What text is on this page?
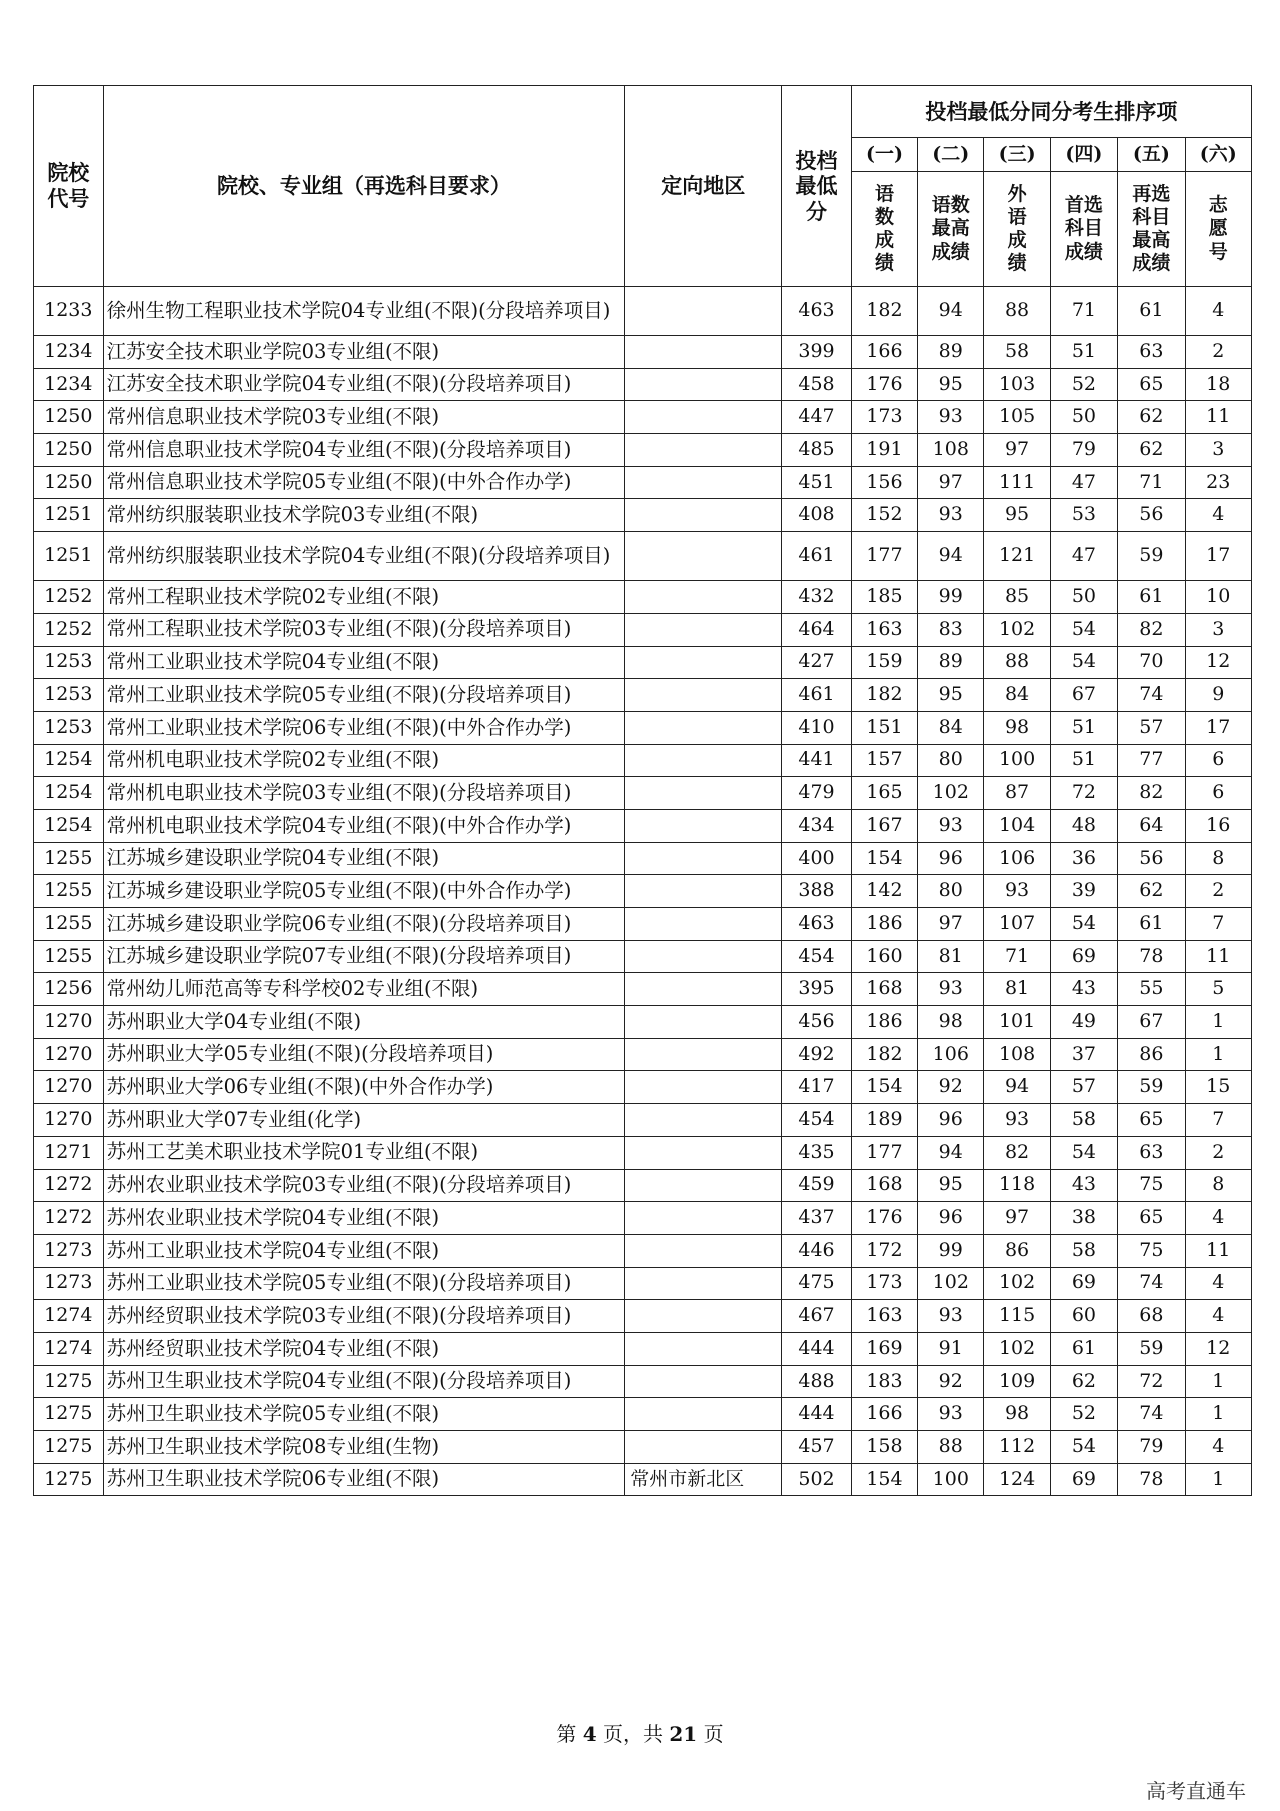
院校代号	院校、专业组（再选科目要求）	定向地区	投档最低分	投档最低分同分考生排序项					
				(一)	(二)	(三)	(四)	(五)	(六)
				语数成绩	语数最高成绩	外语成绩	首选科目成绩	再选科目最高成绩	志愿号
1233	徐州生物工程职业技术学院04专业组(不限)(分段培养项目)		463	182	94	88	71	61	4
1234	江苏安全技术职业学院03专业组(不限)		399	166	89	58	51	63	2
1234	江苏安全技术职业学院04专业组(不限)(分段培养项目)		458	176	95	103	52	65	18
1250	常州信息职业技术学院03专业组(不限)		447	173	93	105	50	62	11
1250	常州信息职业技术学院04专业组(不限)(分段培养项目)		485	191	108	97	79	62	3
1250	常州信息职业技术学院05专业组(不限)(中外合作办学)		451	156	97	111	47	71	23
1251	常州纺织服装职业技术学院03专业组(不限)		408	152	93	95	53	56	4
1251	常州纺织服装职业技术学院04专业组(不限)(分段培养项目)		461	177	94	121	47	59	17
1252	常州工程职业技术学院02专业组(不限)		432	185	99	85	50	61	10
1252	常州工程职业技术学院03专业组(不限)(分段培养项目)		464	163	83	102	54	82	3
1253	常州工业职业技术学院04专业组(不限)		427	159	89	88	54	70	12
1253	常州工业职业技术学院05专业组(不限)(分段培养项目)		461	182	95	84	67	74	9
1253	常州工业职业技术学院06专业组(不限)(中外合作办学)		410	151	84	98	51	57	17
1254	常州机电职业技术学院02专业组(不限)		441	157	80	100	51	77	6
1254	常州机电职业技术学院03专业组(不限)(分段培养项目)		479	165	102	87	72	82	6
1254	常州机电职业技术学院04专业组(不限)(中外合作办学)		434	167	93	104	48	64	16
1255	江苏城乡建设职业学院04专业组(不限)		400	154	96	106	36	56	8
1255	江苏城乡建设职业学院05专业组(不限)(中外合作办学)		388	142	80	93	39	62	2
1255	江苏城乡建设职业学院06专业组(不限)(分段培养项目)		463	186	97	107	54	61	7
1255	江苏城乡建设职业学院07专业组(不限)(分段培养项目)		454	160	81	71	69	78	11
1256	常州幼儿师范高等专科学校02专业组(不限)		395	168	93	81	43	55	5
1270	苏州职业大学04专业组(不限)		456	186	98	101	49	67	1
1270	苏州职业大学05专业组(不限)(分段培养项目)		492	182	106	108	37	86	1
1270	苏州职业大学06专业组(不限)(中外合作办学)		417	154	92	94	57	59	15
1270	苏州职业大学07专业组(化学)		454	189	96	93	58	65	7
1271	苏州工艺美术职业技术学院01专业组(不限)		435	177	94	82	54	63	2
1272	苏州农业职业技术学院03专业组(不限)(分段培养项目)		459	168	95	118	43	75	8
1272	苏州农业职业技术学院04专业组(不限)		437	176	96	97	38	65	4
1273	苏州工业职业技术学院04专业组(不限)		446	172	99	86	58	75	11
1273	苏州工业职业技术学院05专业组(不限)(分段培养项目)		475	173	102	102	69	74	4
1274	苏州经贸职业技术学院03专业组(不限)(分段培养项目)		467	163	93	115	60	68	4
1274	苏州经贸职业技术学院04专业组(不限)		444	169	91	102	61	59	12
1275	苏州卫生职业技术学院04专业组(不限)(分段培养项目)		488	183	92	109	62	72	1
1275	苏州卫生职业技术学院05专业组(不限)		444	166	93	98	52	74	1
1275	苏州卫生职业技术学院08专业组(生物)		457	158	88	112	54	79	4
1275	苏州卫生职业技术学院06专业组(不限)	常州市新北区	502	154	100	124	69	78	1
第 4 页，共 21 页
高考直通车
